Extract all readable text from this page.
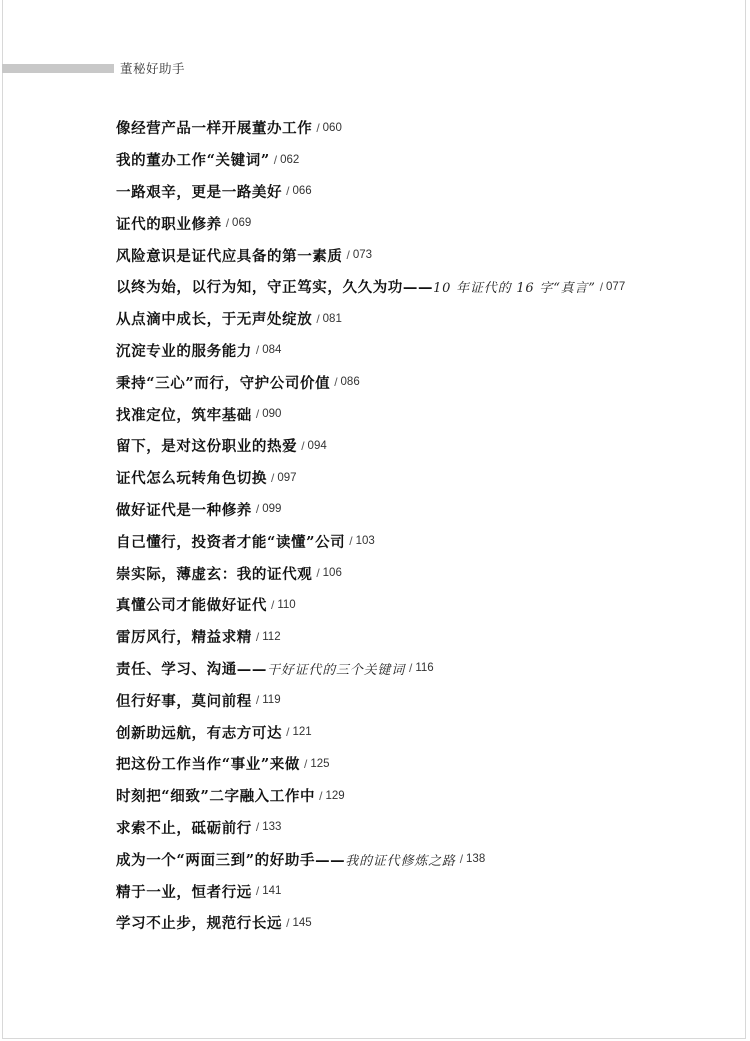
董秘好助手
像经营产品一样开展董办工作 / 060
我的董办工作“关键词” / 062
一路艰辛，更是一路美好 / 066
证代的职业修养 / 069
风险意识是证代应具备的第一素质 / 073
以终为始，以行为知，守正笃实，久久为功—— 10 年证代的 16 字“真言” / 077
从点滴中成长，于无声处绽放 / 081
沉淀专业的服务能力 / 084
秉持“三心”而行，守护公司价值 / 086
找准定位，筑牢基础 / 090
留下，是对这份职业的热爱 / 094
证代怎么玩转角色切换 / 097
做好证代是一种修养 / 099
自己懂行，投资者才能“读懂”公司 / 103
崇实际，薄虚玄：我的证代观 / 106
真懂公司才能做好证代 / 110
雷厉风行，精益求精 / 112
责任、学习、沟通—— 干好证代的三个关键词 / 116
但行好事，莫问前程 / 119
创新助远航，有志方可达 / 121
把这份工作当作“事业”来做 / 125
时刻把“细致”二字融入工作中 / 129
求索不止，砥砺前行 / 133
成为一个“两面三到”的好助手—— 我的证代修炼之路 / 138
精于一业，恒者行远 / 141
学习不止步，规范行长远 / 145
